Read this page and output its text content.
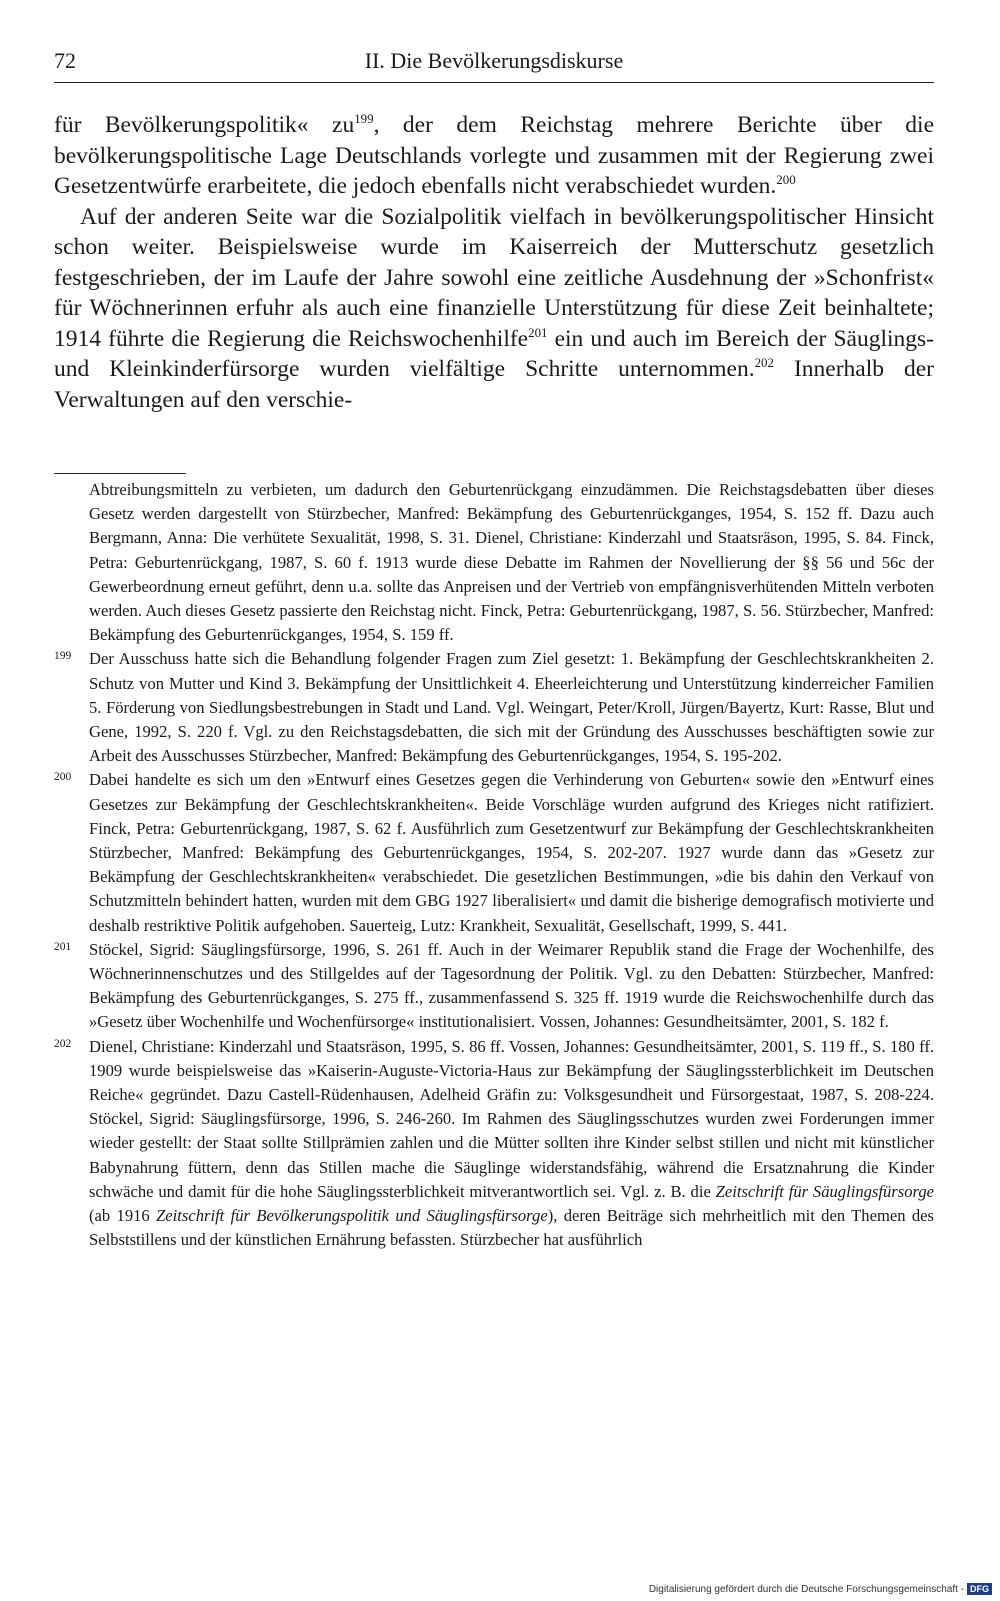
72	II. Die Bevölkerungsdiskurse

für Bevölkerungspolitik« $zu^{199}$, der dem Reichstag mehrere Berichte über die bevölkerungspolitische Lage Deutschlands vorlegte und zusammen mit der Regierung zwei Gesetzentwürfe erarbeitete, die jedoch ebenfalls nicht verabschiedet wurden.$^{200}$

Auf der anderen Seite war die Sozialpolitik vielfach in bevölkerungspolitischer Hinsicht schon weiter. Beispielsweise wurde im Kaiserreich der Mutterschutz gesetzlich festgeschrieben, der im Laufe der Jahre sowohl eine zeitliche Ausdehnung der »Schonfrist« für Wöchnerinnen erfuhr als auch eine finanzielle Unterstützung für diese Zeit beinhaltete; 1914 führte die Regierung die Reichswochenhilfe$^{201}$ ein und auch im Bereich der Säuglings- und Kleinkinderfürsorge wurden vielfältige Schritte unternommen.$^{202}$ Innerhalb der Verwaltungen auf den verschie-

Abtreibungsmitteln zu verbieten, um dadurch den Geburtenrückgang einzudämmen. Die Reichstagsdebatten über dieses Gesetz werden dargestellt von Stürzbecher, Manfred: Bekämpfung des Geburtenrückganges, 1954, S. 152 ff. Dazu auch Bergmann, Anna: Die verhütete Sexualität, 1998, S. 31. Dienel, Christiane: Kinderzahl und Staatsräson, 1995, S. 84. Finck, Petra: Geburtenrückgang, 1987, S. 60 f. 1913 wurde diese Debatte im Rahmen der Novellierung der §§ 56 und 56c der Gewerbeordnung erneut geführt, denn u.a. sollte das Anpreisen und der Vertrieb von empfängnisverhütenden Mitteln verboten werden. Auch dieses Gesetz passierte den Reichstag nicht. Finck, Petra: Geburtenrückgang, 1987, S. 56. Stürzbecher, Manfred: Bekämpfung des Geburtenrückganges, 1954, S. 159 ff.

199 Der Ausschuss hatte sich die Behandlung folgender Fragen zum Ziel gesetzt: 1. Bekämpfung der Geschlechtskrankheiten 2. Schutz von Mutter und Kind 3. Bekämpfung der Unsittlichkeit 4. Eheerleichterung und Unterstützung kinderreicher Familien 5. Förderung von Siedlungsbestrebungen in Stadt und Land. Vgl. Weingart, Peter/Kroll, Jürgen/Bayertz, Kurt: Rasse, Blut und Gene, 1992, S. 220 f. Vgl. zu den Reichstagsdebatten, die sich mit der Gründung des Ausschusses beschäftigten sowie zur Arbeit des Ausschusses Stürzbecher, Manfred: Bekämpfung des Geburtenrückganges, 1954, S. 195-202.

200 Dabei handelte es sich um den »Entwurf eines Gesetzes gegen die Verhinderung von Geburten« sowie den »Entwurf eines Gesetzes zur Bekämpfung der Geschlechtskrankheiten«. Beide Vorschläge wurden aufgrund des Krieges nicht ratifiziert. Finck, Petra: Geburtenrückgang, 1987, S. 62 f. Ausführlich zum Gesetzentwurf zur Bekämpfung der Geschlechtskrankheiten Stürzbecher, Manfred: Bekämpfung des Geburtenrückganges, 1954, S. 202-207. 1927 wurde dann das »Gesetz zur Bekämpfung der Geschlechtskrankheiten« verabschiedet. Die gesetzlichen Bestimmungen, »die bis dahin den Verkauf von Schutzmitteln behindert hatten, wurden mit dem GBG 1927 liberalisiert« und damit die bisherige demografisch motivierte und deshalb restriktive Politik aufgehoben. Sauerteig, Lutz: Krankheit, Sexualität, Gesellschaft, 1999, S. 441.

201 Stöckel, Sigrid: Säuglingsfürsorge, 1996, S. 261 ff. Auch in der Weimarer Republik stand die Frage der Wochenhilfe, des Wöchnerinnenschutzes und des Stillgeldes auf der Tagesordnung der Politik. Vgl. zu den Debatten: Stürzbecher, Manfred: Bekämpfung des Geburtenrückganges, S. 275 ff., zusammenfassend S. 325 ff. 1919 wurde die Reichswochenhilfe durch das »Gesetz über Wochenhilfe und Wochenfürsorge« institutionalisiert. Vossen, Johannes: Gesundheitsämter, 2001, S. 182 f.

202 Dienel, Christiane: Kinderzahl und Staatsräson, 1995, S. 86 ff. Vossen, Johannes: Gesundheitsämter, 2001, S. 119 ff., S. 180 ff. 1909 wurde beispielsweise das »Kaiserin-Auguste-Victoria-Haus zur Bekämpfung der Säuglingssterblichkeit im Deutschen Reiche« gegründet. Dazu Castell-Rüdenhausen, Adelheid Gräfin zu: Volksgesundheit und Fürsorgestaat, 1987, S. 208-224. Stöckel, Sigrid: Säuglingsfürsorge, 1996, S. 246-260. Im Rahmen des Säuglingsschutzes wurden zwei Forderungen immer wieder gestellt: der Staat sollte Stillprämien zahlen und die Mütter sollten ihre Kinder selbst stillen und nicht mit künstlicher Babynahrung füttern, denn das Stillen mache die Säuglinge widerstandsfähig, während die Ersatznahrung die Kinder schwäche und damit für die hohe Säuglingssterblichkeit mitverantwortlich sei. Vgl. z. B. die Zeitschrift für Säuglingsfürsorge (ab 1916 Zeitschrift für Bevölkerungspolitik und Säuglingsfürsorge), deren Beiträge sich mehrheitlich mit den Themen des Selbststillens und der künstlichen Ernährung befassten. Stürzbecher hat ausführlich

Digitalisierung gefördert durch die Deutsche Forschungsgemeinschaft - DFG
